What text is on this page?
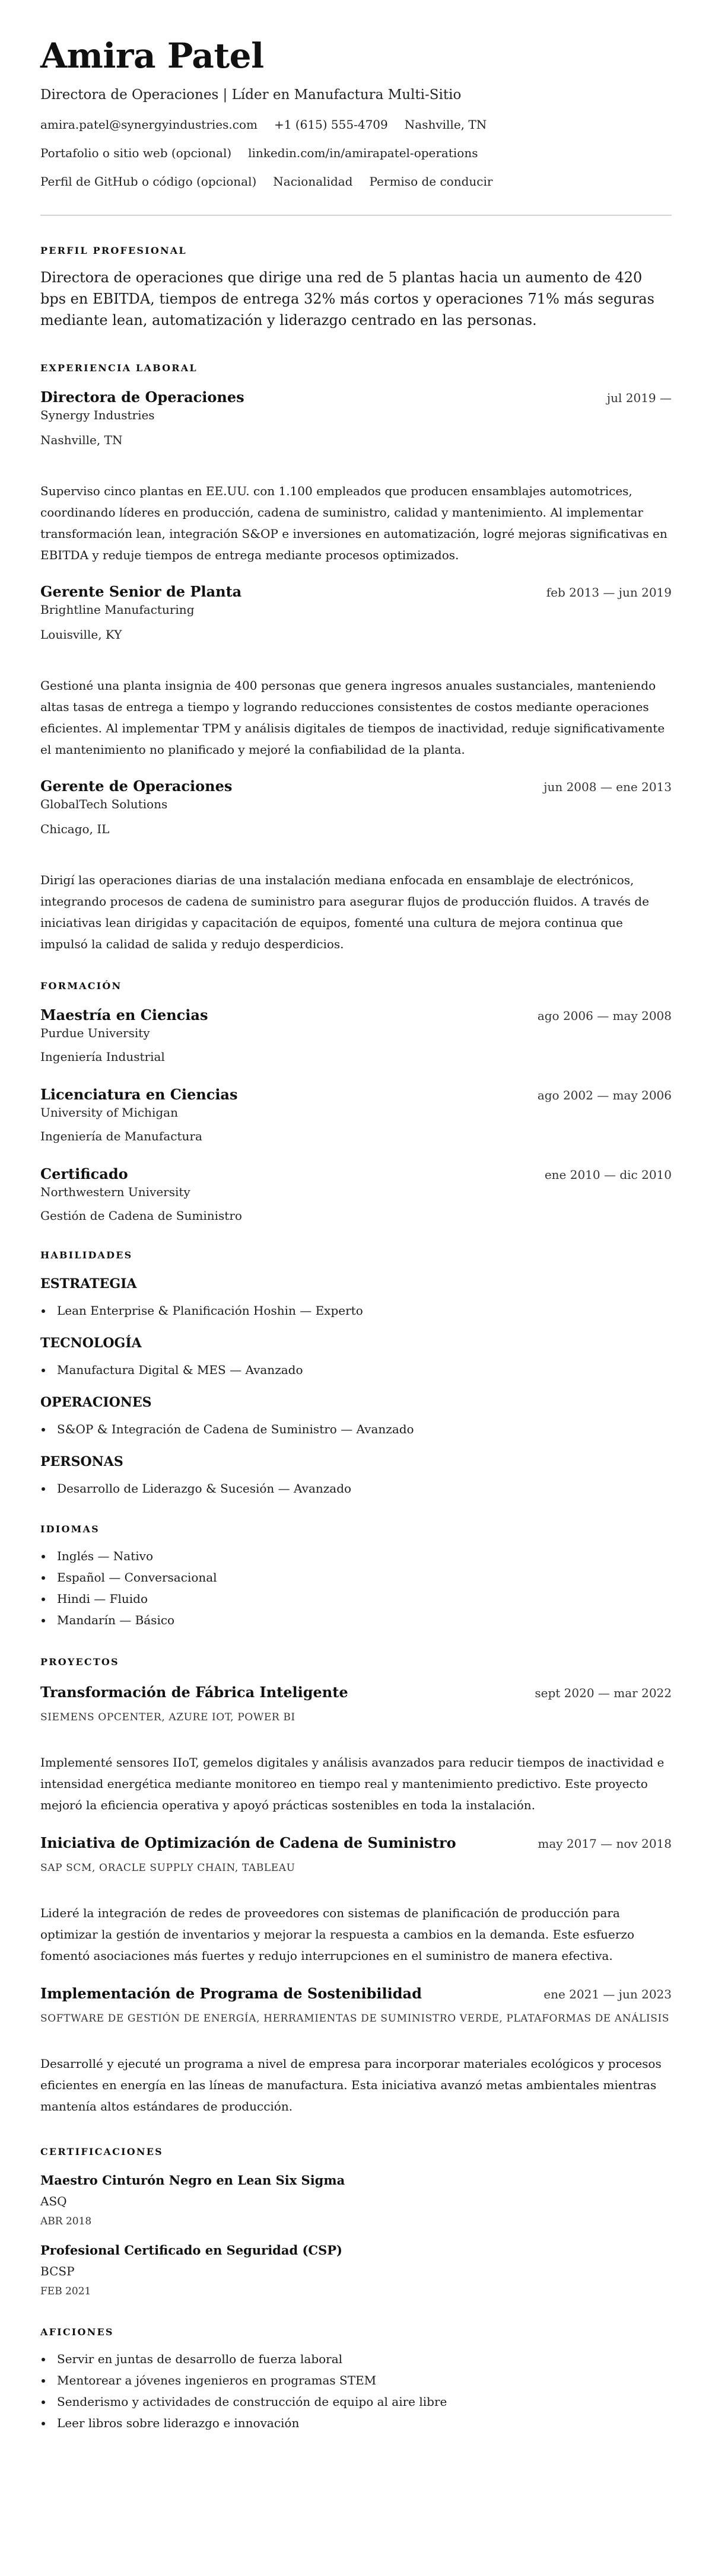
Amira Patel
Directora de Operaciones | Líder en Manufactura Multi-Sitio
amira.patel@synergyindustries.com +1 (615) 555-4709 Nashville, TN
Portafolio o sitio web (opcional) linkedin.com/in/amirapatel-operations
Perfil de GitHub o código (opcional) Nacionalidad Permiso de conducir
PERFIL PROFESIONAL

Directora de operaciones que dirige una red de 5 plantas hacia un aumento de 420 bps en EBITDA, tiempos de entrega 32% más cortos y operaciones 71% más seguras mediante lean, automatización y liderazgo centrado en las personas.

EXPERIENCIA LABORAL
Directora de Operaciones	jul 2019 —
Synergy Industries
Nashville, TN

Superviso cinco plantas en EE.UU. con 1.100 empleados que producen ensamblajes automotrices, coordinando líderes en producción, cadena de suministro, calidad y mantenimiento. Al implementar transformación lean, integración S&OP e inversiones en automatización, logré mejoras significativas en EBITDA y reduje tiempos de entrega mediante procesos optimizados.

Gerente Senior de Planta	feb 2013 — jun 2019
Brightline Manufacturing
Louisville, KY

Gestioné una planta insignia de 400 personas que genera ingresos anuales sustanciales, manteniendo altas tasas de entrega a tiempo y logrando reducciones consistentes de costos mediante operaciones eficientes. Al implementar TPM y análisis digitales de tiempos de inactividad, reduje significativamente el mantenimiento no planificado y mejoré la confiabilidad de la planta.

Gerente de Operaciones	jun 2008 — ene 2013
GlobalTech Solutions
Chicago, IL

Dirigí las operaciones diarias de una instalación mediana enfocada en ensamblaje de electrónicos, integrando procesos de cadena de suministro para asegurar flujos de producción fluidos. A través de iniciativas lean dirigidas y capacitación de equipos, fomenté una cultura de mejora continua que impulsó la calidad de salida y redujo desperdicios.

FORMACIÓN
Maestría en Ciencias	ago 2006 — may 2008
Purdue University
Ingeniería Industrial
Licenciatura en Ciencias	ago 2002 — may 2006
University of Michigan
Ingeniería de Manufactura
Certificado	ene 2010 — dic 2010
Northwestern University
Gestión de Cadena de Suministro
HABILIDADES
ESTRATEGIA
Lean Enterprise & Planificación Hoshin — Experto
TECNOLOGÍA
Manufactura Digital & MES — Avanzado
OPERACIONES
S&OP & Integración de Cadena de Suministro — Avanzado
PERSONAS
Desarrollo de Liderazgo & Sucesión — Avanzado
IDIOMAS
Inglés — Nativo
Español — Conversacional
Hindi — Fluido
Mandarín — Básico
PROYECTOS
Transformación de Fábrica Inteligente	sept 2020 — mar 2022
SIEMENS OPCENTER, AZURE IOT, POWER BI

Implementé sensores IIoT, gemelos digitales y análisis avanzados para reducir tiempos de inactividad e intensidad energética mediante monitoreo en tiempo real y mantenimiento predictivo. Este proyecto mejoró la eficiencia operativa y apoyó prácticas sostenibles en toda la instalación.

Iniciativa de Optimización de Cadena de Suministro	may 2017 — nov 2018
SAP SCM, ORACLE SUPPLY CHAIN, TABLEAU

Lideré la integración de redes de proveedores con sistemas de planificación de producción para optimizar la gestión de inventarios y mejorar la respuesta a cambios en la demanda. Este esfuerzo fomentó asociaciones más fuertes y redujo interrupciones en el suministro de manera efectiva.

Implementación de Programa de Sostenibilidad	ene 2021 — jun 2023
SOFTWARE DE GESTIÓN DE ENERGÍA, HERRAMIENTAS DE SUMINISTRO VERDE, PLATAFORMAS DE ANÁLISIS

Desarrollé y ejecuté un programa a nivel de empresa para incorporar materiales ecológicos y procesos eficientes en energía en las líneas de manufactura. Esta iniciativa avanzó metas ambientales mientras mantenía altos estándares de producción.

CERTIFICACIONES
Maestro Cinturón Negro en Lean Six Sigma
ASQ
ABR 2018
Profesional Certificado en Seguridad (CSP)
BCSP
FEB 2021
AFICIONES
Servir en juntas de desarrollo de fuerza laboral
Mentorear a jóvenes ingenieros en programas STEM
Senderismo y actividades de construcción de equipo al aire libre
Leer libros sobre liderazgo e innovación
